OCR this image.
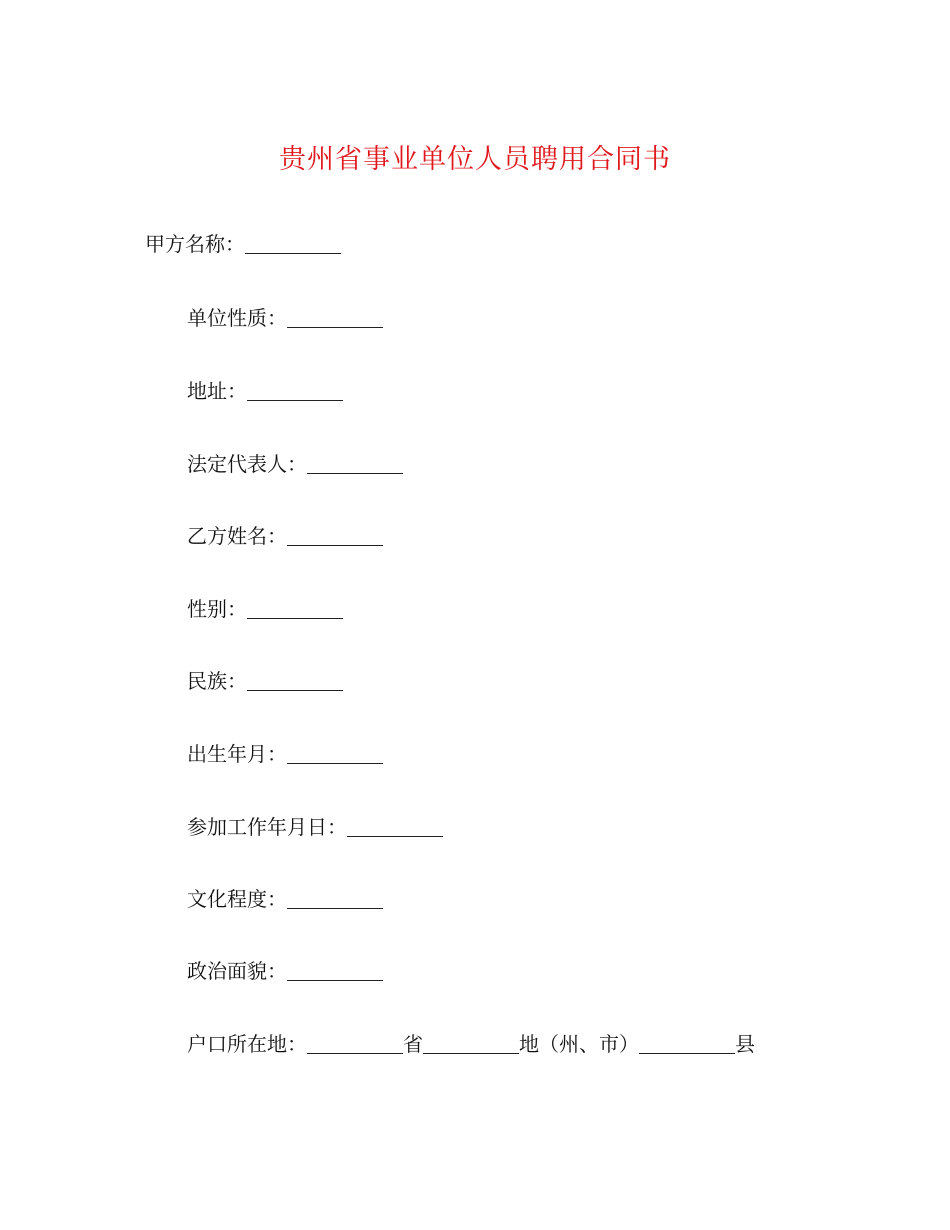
贵州省事业单位人员聘用合同书
甲方名称：
单位性质：
地址：
法定代表人：
乙方姓名：
性别：
民族：
出生年月：
参加工作年月日：
文化程度：
政治面貌：
户口所在地：	省	地（州、市）	县
